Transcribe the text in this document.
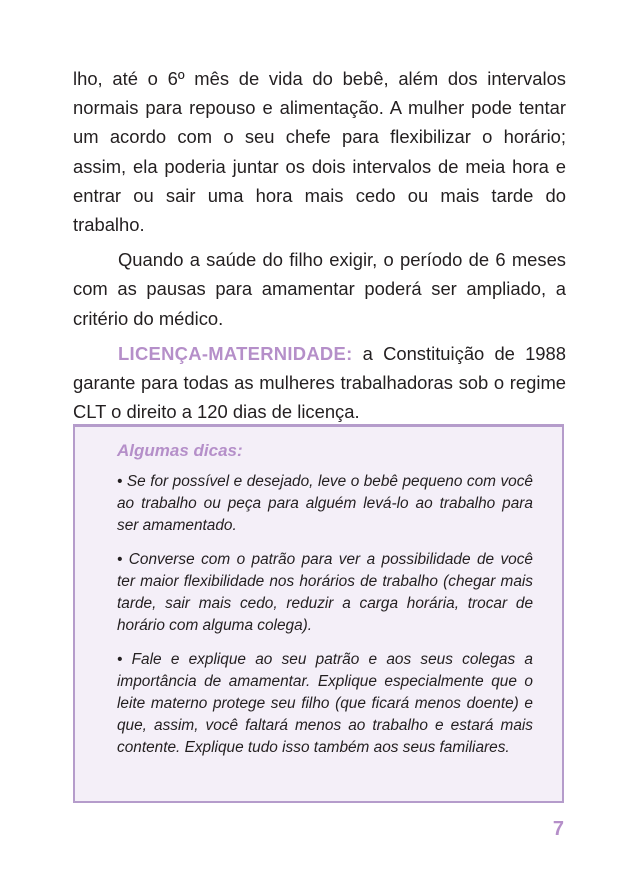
lho, até o 6º mês de vida do bebê, além dos intervalos normais para repouso e alimentação. A mulher pode tentar um acordo com o seu chefe para flexibilizar o horário; assim, ela poderia juntar os dois intervalos de meia hora e entrar ou sair uma hora mais cedo ou mais tarde do trabalho.

Quando a saúde do filho exigir, o período de 6 meses com as pausas para amamentar poderá ser ampliado, a critério do médico.

LICENÇA-MATERNIDADE: a Constituição de 1988 garante para todas as mulheres trabalhadoras sob o regime CLT o direito a 120 dias de licença.

Algumas dicas:

• Se for possível e desejado, leve o bebê pequeno com você ao trabalho ou peça para alguém levá-lo ao trabalho para ser amamentado.

• Converse com o patrão para ver a possibilidade de você ter maior flexibilidade nos horários de trabalho (chegar mais tarde, sair mais cedo, reduzir a carga horária, trocar de horário com alguma colega).

• Fale e explique ao seu patrão e aos seus colegas a importância de amamentar. Explique especialmente que o leite materno protege seu filho (que ficará menos doente) e que, assim, você faltará menos ao trabalho e estará mais contente. Explique tudo isso também aos seus familiares.

7
